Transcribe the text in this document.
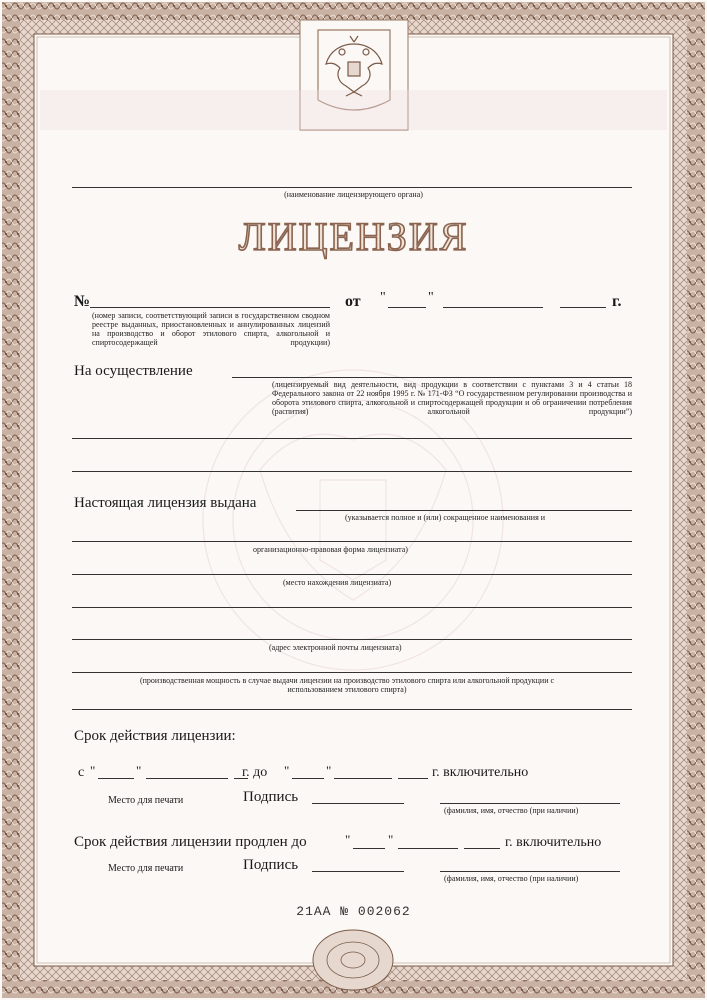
(наименование лицензирующего органа)
ЛИЦЕНЗИЯ
№	от "	"	г.
(номер записи, соответствующий записи в государственном сводном реестре выданных, приостановленных и аннулированных лицензий на производство и оборот этилового спирта, алкогольной и спиртосодержащей продукции)
На осуществление
(лицензируемый вид деятельности, вид продукции в соответствии с пунктами 3 и 4 статьи 18 Федерального закона от 22 ноября 1995 г. № 171-ФЗ “О государственном регулировании производства и оборота этилового спирта, алкогольной и спиртосодержащей продукции и об ограничении потребления (распития) алкогольной продукции”)
Настоящая лицензия выдана
(указывается полное и (или) сокращенное наименования и
организационно-правовая форма лицензиата)
(место нахождения лицензиата)
(адрес электронной почты лицензиата)
(производственная мощность в случае выдачи лицензии на производство этилового спирта или алкогольной продукции с использованием этилового спирта)
Срок действия лицензии:
с "	"	г. до "	"	г. включительно
Место для печати	Подпись
(фамилия, имя, отчество (при наличии)
Срок действия лицензии продлен до	"	"	г. включительно
Место для печати	Подпись
(фамилия, имя, отчество (при наличии)
21АА № 002062
